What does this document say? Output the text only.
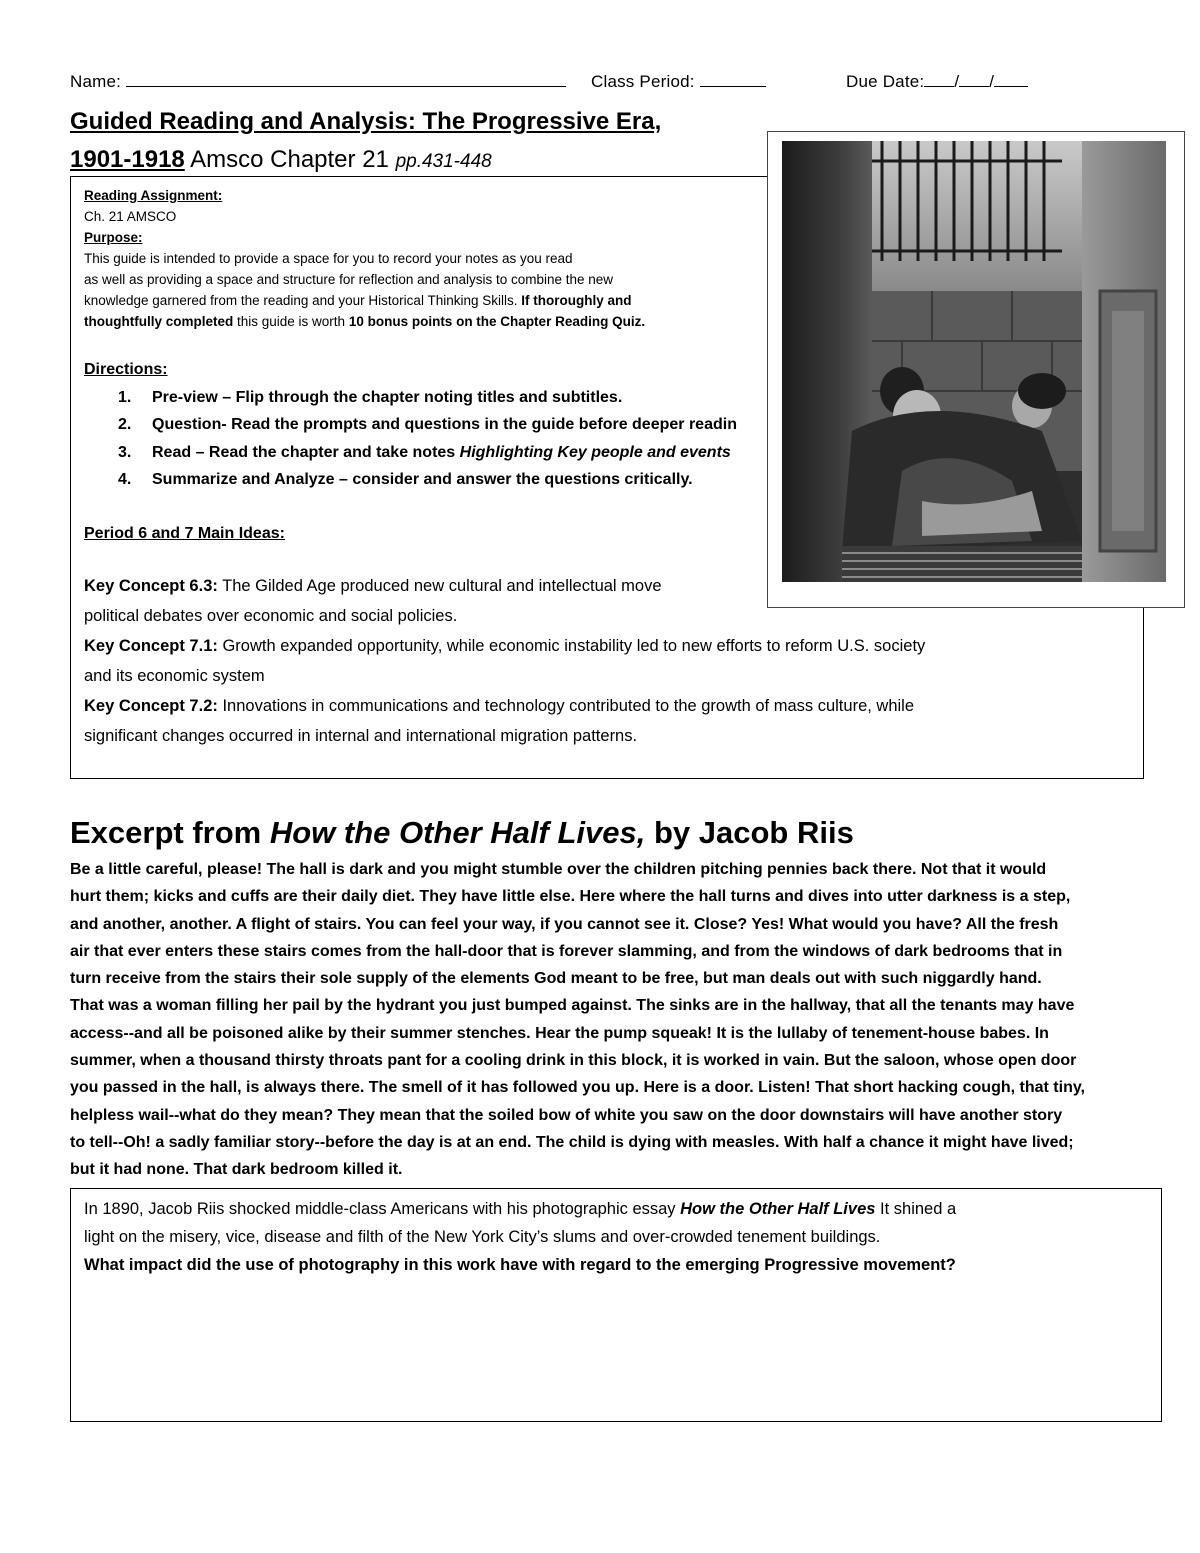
Name:	Class Period:	Due Date: / /
Guided Reading and Analysis: The Progressive Era,
1901-1918 Amsco Chapter 21 pp.431-448
Reading Assignment:
Ch. 21 AMSCO
Purpose:
This guide is intended to provide a space for you to record your notes as you read
as well as providing a space and structure for reflection and analysis to combine the new
knowledge garnered from the reading and your Historical Thinking Skills. If thoroughly and
thoughtfully completed this guide is worth 10 bonus points on the Chapter Reading Quiz.
Directions:
1.	Pre-view – Flip through the chapter noting titles and subtitles.
2.	Question- Read the prompts and questions in the guide before deeper readin
3.	Read – Read the chapter and take notes Highlighting Key people and events
4.	Summarize and Analyze – consider and answer the questions critically.
Period 6 and 7 Main Ideas:
Key Concept 6.3: The Gilded Age produced new cultural and intellectual move
political debates over economic and social policies.
Key Concept 7.1: Growth expanded opportunity, while economic instability led to new efforts to reform U.S. society
and its economic system
Key Concept 7.2: Innovations in communications and technology contributed to the growth of mass culture, while
significant changes occurred in internal and international migration patterns.
Excerpt from How the Other Half Lives, by Jacob Riis
Be a little careful, please! The hall is dark and you might stumble over the children pitching pennies back there. Not that it would
hurt them; kicks and cuffs are their daily diet. They have little else. Here where the hall turns and dives into utter darkness is a step,
and another, another. A flight of stairs. You can feel your way, if you cannot see it. Close? Yes! What would you have? All the fresh
air that ever enters these stairs comes from the hall-door that is forever slamming, and from the windows of dark bedrooms that in
turn receive from the stairs their sole supply of the elements God meant to be free, but man deals out with such niggardly hand.
That was a woman filling her pail by the hydrant you just bumped against. The sinks are in the hallway, that all the tenants may have
access--and all be poisoned alike by their summer stenches. Hear the pump squeak! It is the lullaby of tenement-house babes. In
summer, when a thousand thirsty throats pant for a cooling drink in this block, it is worked in vain. But the saloon, whose open door
you passed in the hall, is always there. The smell of it has followed you up. Here is a door. Listen! That short hacking cough, that tiny,
helpless wail--what do they mean? They mean that the soiled bow of white you saw on the door downstairs will have another story
to tell--Oh! a sadly familiar story--before the day is at an end. The child is dying with measles. With half a chance it might have lived;
but it had none. That dark bedroom killed it.
In 1890, Jacob Riis shocked middle-class Americans with his photographic essay How the Other Half Lives It shined a
light on the misery, vice, disease and filth of the New York City’s slums and over-crowded tenement buildings.
What impact did the use of photography in this work have with regard to the emerging Progressive movement?
